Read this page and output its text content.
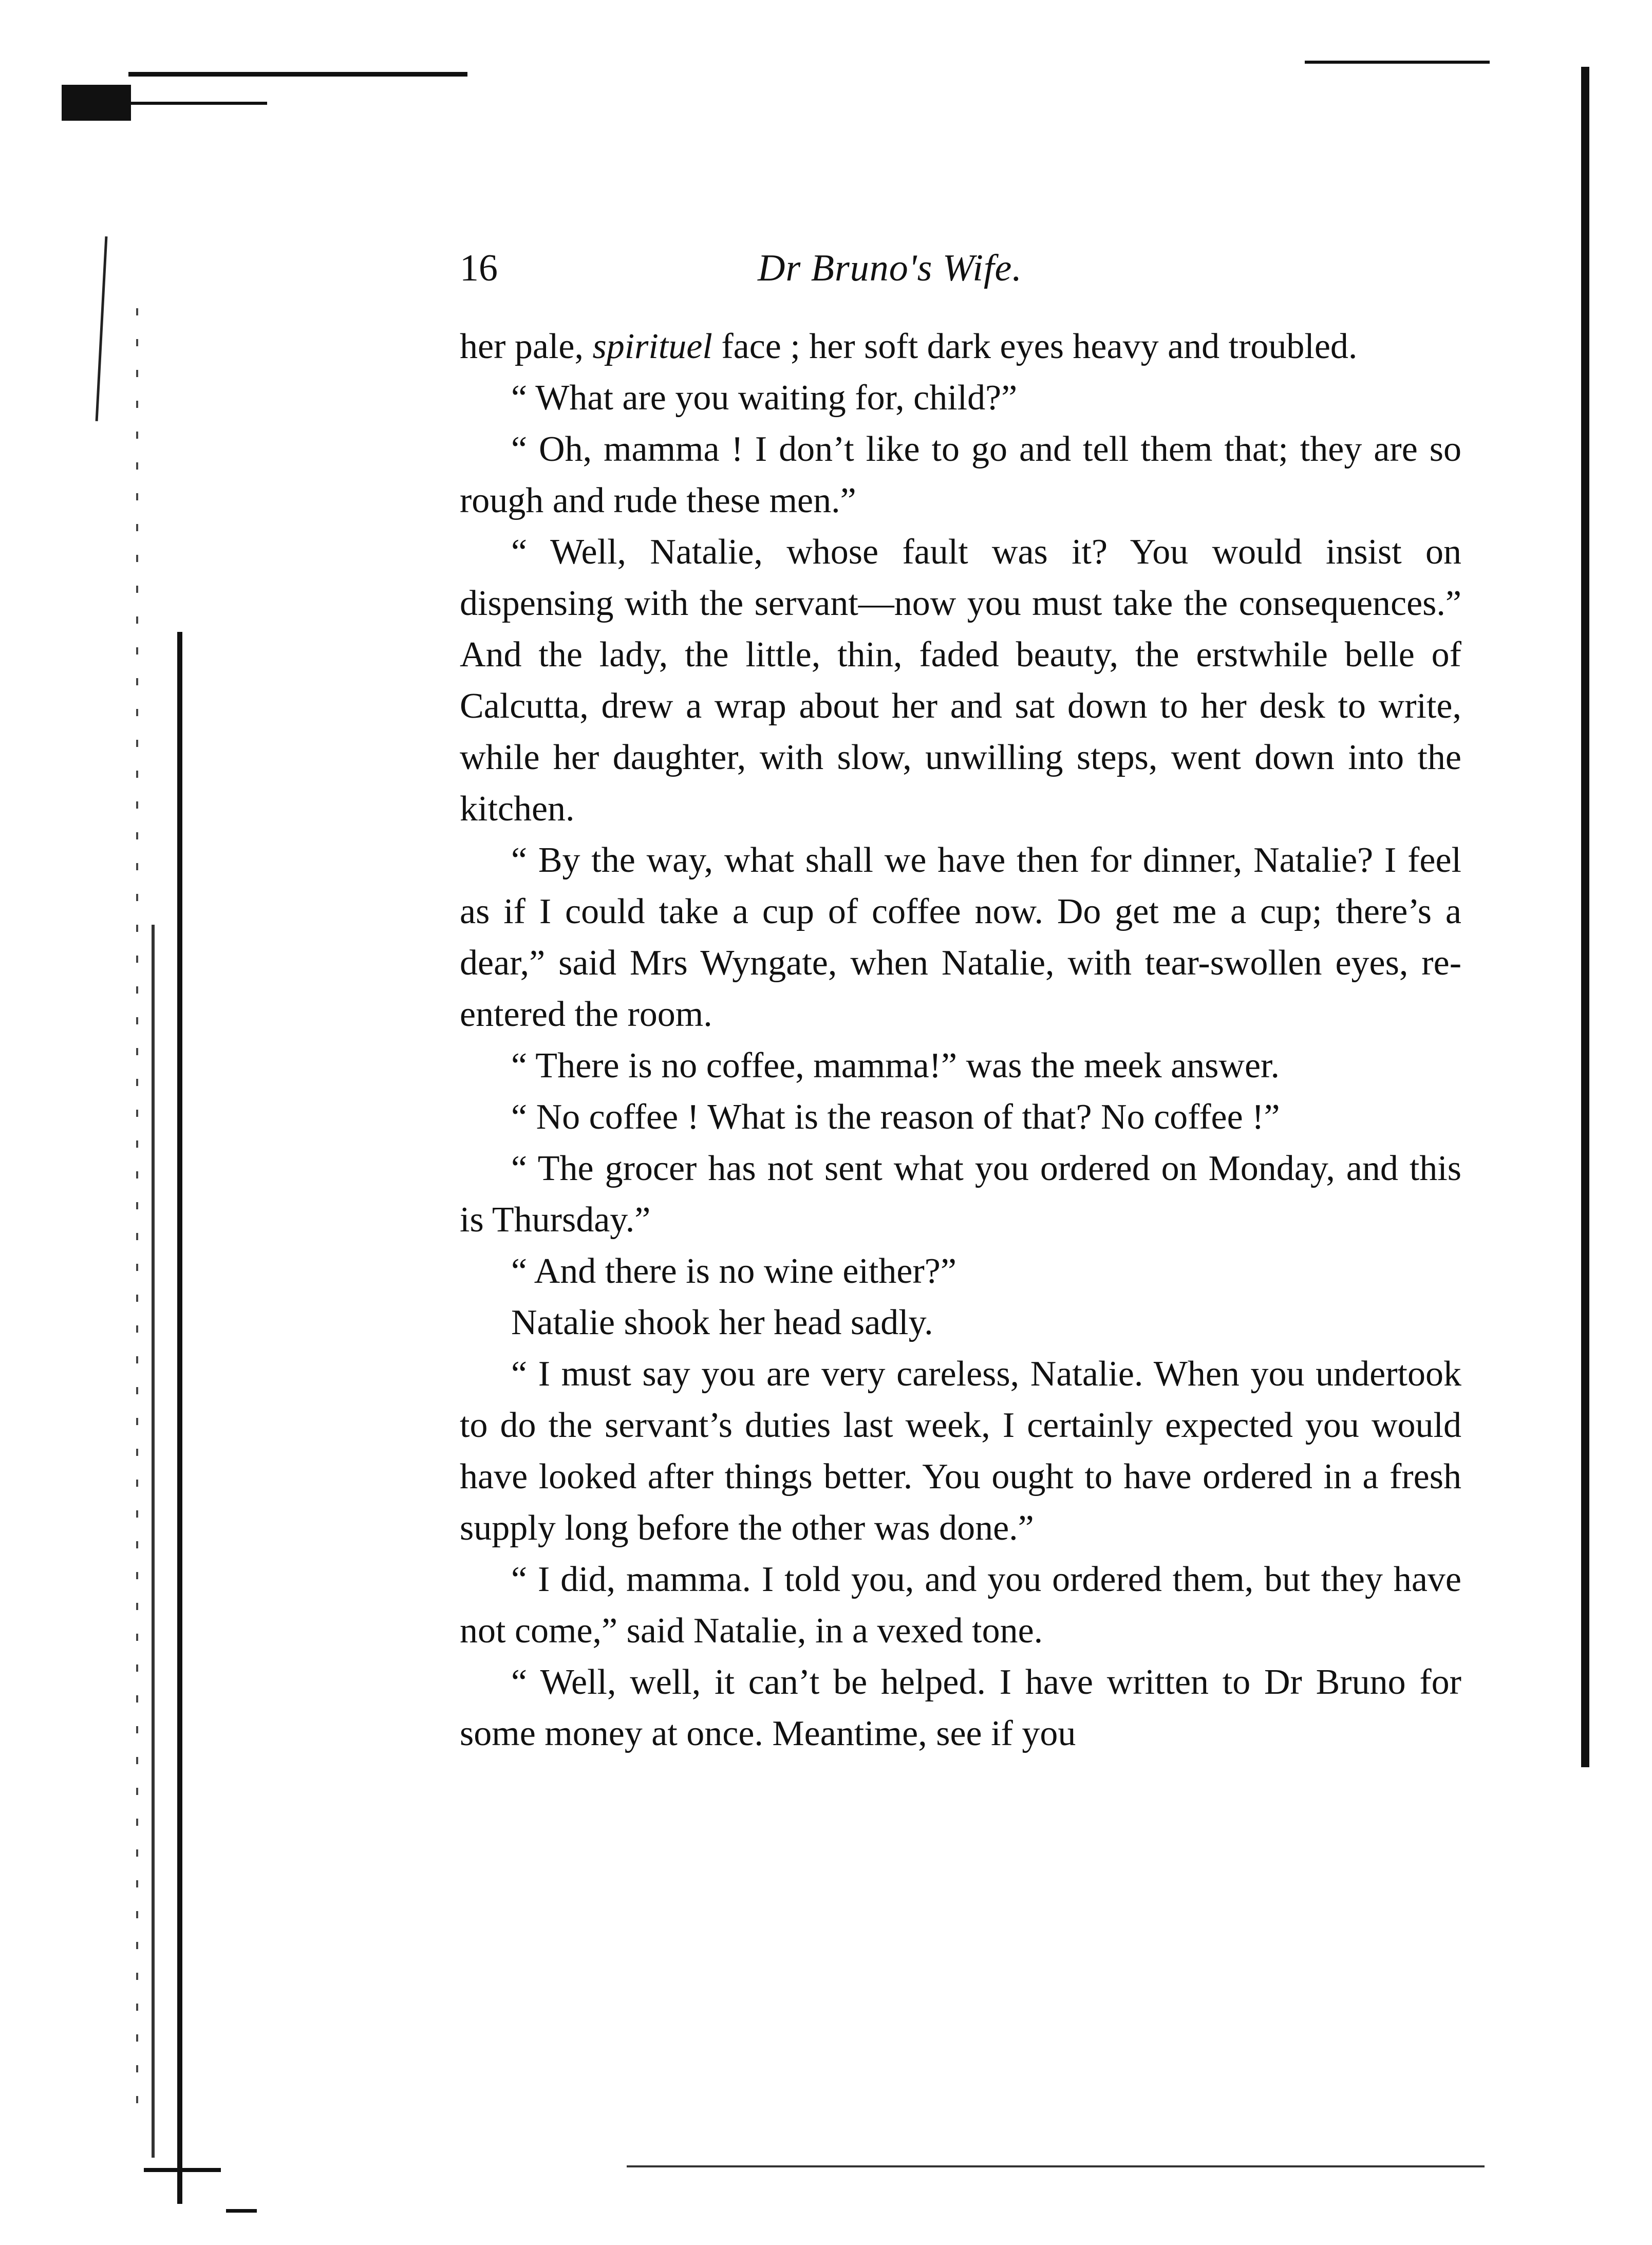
16	Dr Bruno's Wife.

her pale, spirituel face ; her soft dark eyes heavy and troubled.

“ What are you waiting for, child?”

“ Oh, mamma ! I don’t like to go and tell them that; they are so rough and rude these men.”

“ Well, Natalie, whose fault was it? You would insist on dispensing with the servant—now you must take the consequences.” And the lady, the little, thin, faded beauty, the erstwhile belle of Calcutta, drew a wrap about her and sat down to her desk to write, while her daughter, with slow, unwilling steps, went down into the kitchen.

“ By the way, what shall we have then for dinner, Natalie? I feel as if I could take a cup of coffee now. Do get me a cup; there’s a dear,” said Mrs Wyngate, when Natalie, with tear-swollen eyes, re-entered the room.

“ There is no coffee, mamma!” was the meek answer.

“ No coffee ! What is the reason of that? No coffee !”

“ The grocer has not sent what you ordered on Monday, and this is Thursday.”

“ And there is no wine either?”

Natalie shook her head sadly.

“ I must say you are very careless, Natalie. When you undertook to do the servant’s duties last week, I certainly expected you would have looked after things better. You ought to have ordered in a fresh supply long before the other was done.”

“ I did, mamma. I told you, and you ordered them, but they have not come,” said Natalie, in a vexed tone.

“ Well, well, it can’t be helped. I have written to Dr Bruno for some money at once. Meantime, see if you
